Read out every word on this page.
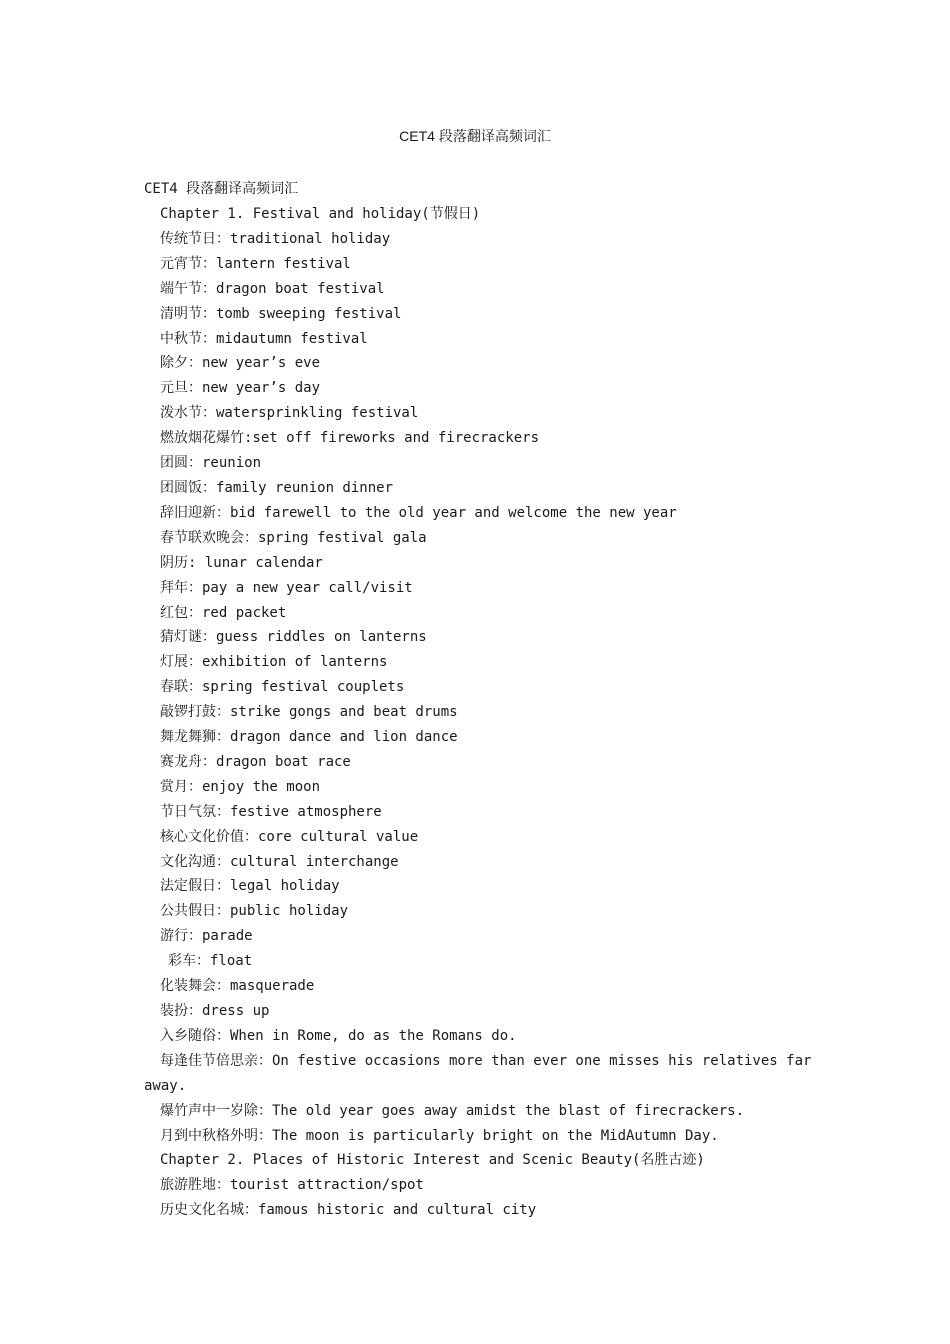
CET4 段落翻译高频词汇
CET4 段落翻译高频词汇
Chapter 1. Festival and holiday(节假日)
传统节日：traditional holiday
元宵节：lantern festival
端午节：dragon boat festival
清明节：tomb sweeping festival
中秋节：midautumn festival
除夕：new year’s eve
元旦：new year’s day
泼水节：watersprinkling festival
燃放烟花爆竹:set off fireworks and firecrackers
团圆：reunion
团圆饭：family reunion dinner
辞旧迎新：bid farewell to the old year and welcome the new year
春节联欢晚会：spring festival gala
阴历: lunar calendar
拜年：pay a new year call/visit
红包：red packet
猜灯谜：guess riddles on lanterns
灯展：exhibition of lanterns
春联：spring festival couplets
敲锣打鼓：strike gongs and beat drums
舞龙舞狮：dragon dance and lion dance
赛龙舟：dragon boat race
赏月：enjoy the moon
节日气氛：festive atmosphere
核心文化价值：core cultural value
文化沟通：cultural interchange
法定假日：legal holiday
公共假日：public holiday
游行：parade
彩车：float
化装舞会：masquerade
装扮：dress up
入乡随俗：When in Rome, do as the Romans do.
每逢佳节倍思亲：On festive occasions more than ever one misses his relatives far away.
爆竹声中一岁除：The old year goes away amidst the blast of firecrackers.
月到中秋格外明：The moon is particularly bright on the MidAutumn Day.
Chapter 2. Places of Historic Interest and Scenic Beauty(名胜古迹)
旅游胜地：tourist attraction/spot
历史文化名城：famous historic and cultural city
